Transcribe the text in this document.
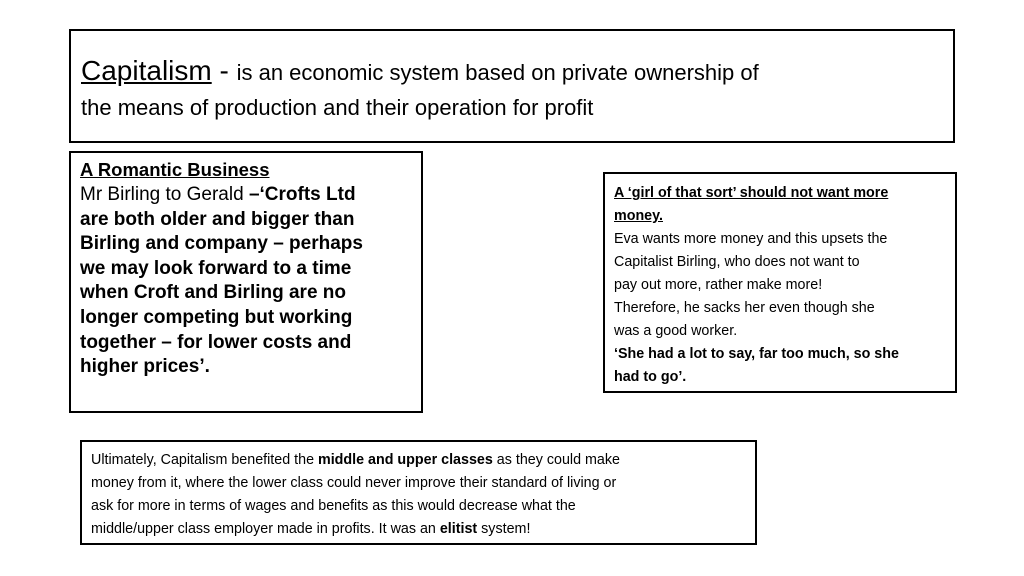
Capitalism - is an economic system based on private ownership of
the means of production and their operation for profit
A Romantic Business
Mr Birling to Gerald –‘Crofts Ltd
are both older and bigger than
Birling and company – perhaps
we may look forward to a time
when Croft and Birling are no
longer competing but working
together – for lower costs and
higher prices’.
A ‘girl of that sort’ should not want more
money.
Eva wants more money and this upsets the
Capitalist Birling, who does not want to
pay out more, rather make more!
Therefore, he sacks her even though she
was a good worker.
‘She had a lot to say, far too much, so she
had to go’.
Ultimately, Capitalism benefited the middle and upper classes as they could make
money from it, where the lower class could never improve their standard of living or
ask for more in terms of wages and benefits as this would decrease what the
middle/upper class employer made in profits. It was an elitist system!
